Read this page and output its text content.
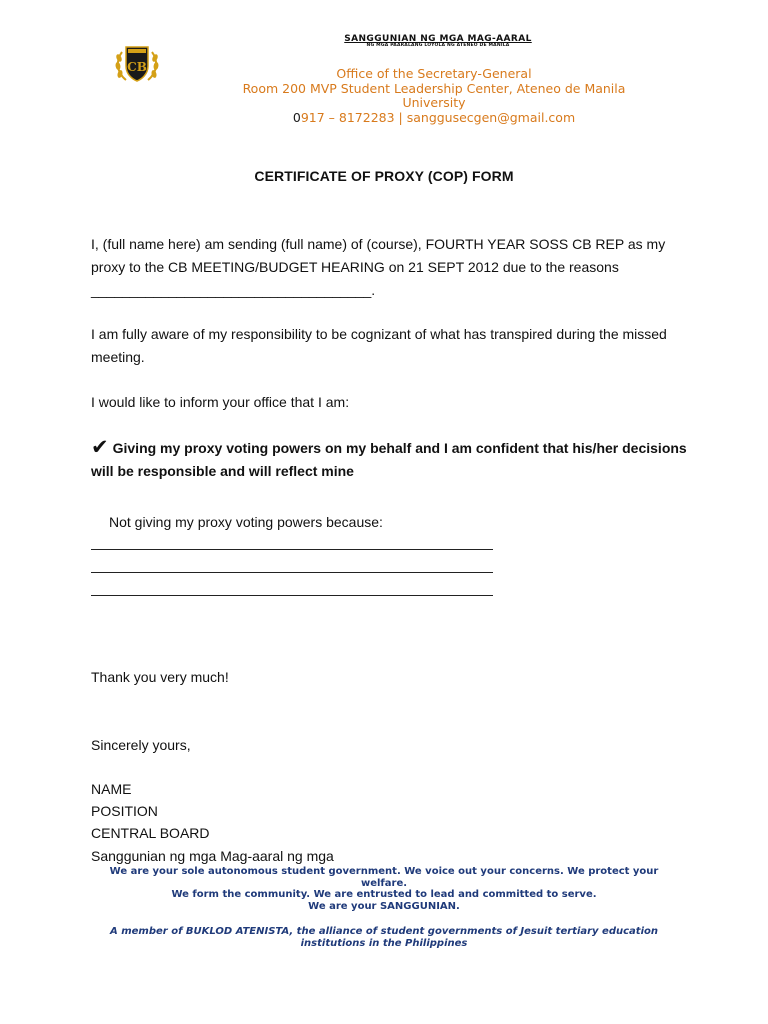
CB
SANGGUNIAN NG MGA MAG-AARAL
NG MGA PAARALANG LOYOLA NG ATENEO DE MANILA
Office of the Secretary-General
Room 200 MVP Student Leadership Center, Ateneo de Manila
University
0917 – 8172283 | sanggusecgen@gmail.com
CERTIFICATE OF PROXY (COP) FORM
I, (full name here) am sending (full name) of (course), FOURTH YEAR SOSS CB REP as my proxy to the CB MEETING/BUDGET HEARING on 21 SEPT 2012 due to the reasons ____________________________________.
I am fully aware of my responsibility to be cognizant of what has transpired during the missed meeting.
I would like to inform your office that I am:
✔ Giving my proxy voting powers on my behalf and I am confident that his/her decisions will be responsible and will reflect mine
Not giving my proxy voting powers because:
Thank you very much!
Sincerely yours,
NAME
POSITION
CENTRAL BOARD
Sanggunian ng mga Mag-aaral ng mga
We are your sole autonomous student government. We voice out your concerns. We protect your
welfare.
We form the community. We are entrusted to lead and committed to serve.
We are your SANGGUNIAN.
A member of BUKLOD ATENISTA, the alliance of student governments of Jesuit tertiary education
institutions in the Philippines
